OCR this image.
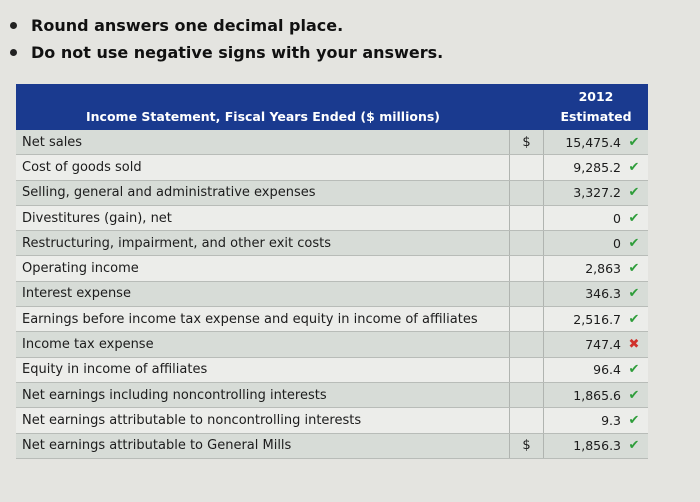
Round answers one decimal place.
Do not use negative signs with your answers.
Income Statement, Fiscal Years Ended ($ millions)
2012
Estimated
Net sales	$	15,475.4 ✔
Cost of goods sold	9,285.2 ✔
Selling, general and administrative expenses	3,327.2 ✔
Divestitures (gain), net	0 ✔
Restructuring, impairment, and other exit costs	0 ✔
Operating income	2,863 ✔
Interest expense	346.3 ✔
Earnings before income tax expense and equity in income of affiliates	2,516.7 ✔
Income tax expense	747.4 ✖
Equity in income of affiliates	96.4 ✔
Net earnings including noncontrolling interests	1,865.6 ✔
Net earnings attributable to noncontrolling interests	9.3 ✔
Net earnings attributable to General Mills	$	1,856.3 ✔
